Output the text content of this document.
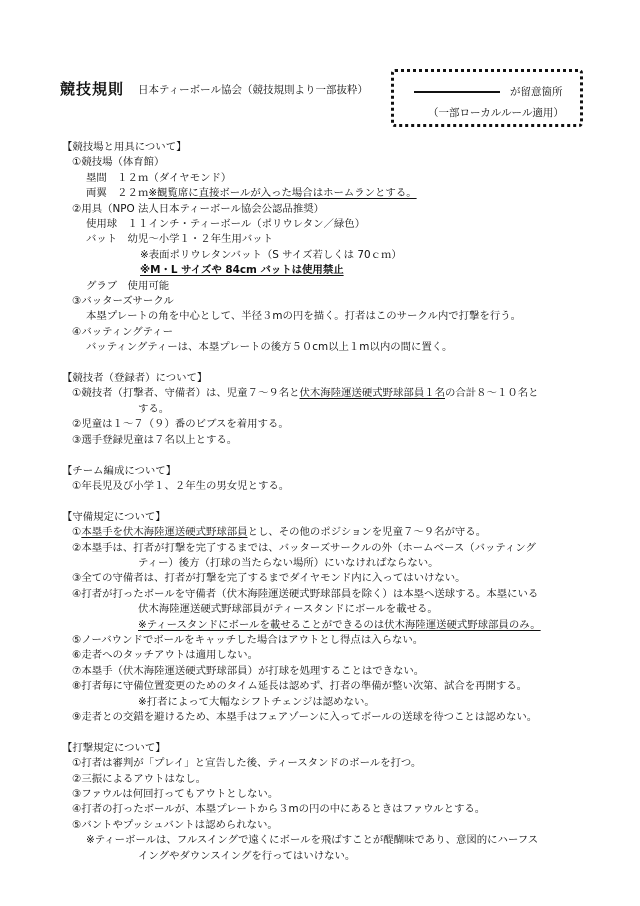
競技規則 日本ティーボール協会（競技規則より一部抜粋）	が留意箇所
（一部ローカルルール適用）
【競技場と用具について】
①競技場（体育館）
塁間　１２ｍ（ダイヤモンド）
両翼　２２ｍ※観覧席に直接ボールが入った場合はホームランとする。
②用具（NPO 法人日本ティーボール協会公認品推奨）
使用球　１１インチ・ティーボール（ポリウレタン／緑色）
バット　幼児～小学１・２年生用バット
※表面ポリウレタンバット（S サイズ若しくは 70ｃｍ）
※M・L サイズや 84cm バットは使用禁止
グラブ　使用可能
③バッターズサークル
本塁プレートの角を中心として、半径３mの円を描く。打者はこのサークル内で打撃を行う。
④バッティングティー
バッティングティーは、本塁プレートの後方５０cm以上１m以内の間に置く。
【競技者（登録者）について】
①競技者（打撃者、守備者）は、児童７～９名と伏木海陸運送硬式野球部員１名の合計８～１０名と
する。
②児童は１～７（９）番のビブスを着用する。
③選手登録児童は７名以上とする。
【チーム編成について】
①年長児及び小学１、２年生の男女児とする。
【守備規定について】
①本塁手を伏木海陸運送硬式野球部員とし、その他のポジションを児童７～９名が守る。
②本塁手は、打者が打撃を完了するまでは、バッターズサークルの外（ホームベース（バッティング
ティー）後方（打球の当たらない場所）にいなければならない。
③全ての守備者は、打者が打撃を完了するまでダイヤモンド内に入ってはいけない。
④打者が打ったボールを守備者（伏木海陸運送硬式野球部員を除く）は本塁へ送球する。本塁にいる
伏木海陸運送硬式野球部員がティースタンドにボールを載せる。
※ティースタンドにボールを載せることができるのは伏木海陸運送硬式野球部員のみ。
⑤ノーバウンドでボールをキャッチした場合はアウトとし得点は入らない。
⑥走者へのタッチアウトは適用しない。
⑦本塁手（伏木海陸運送硬式野球部員）が打球を処理することはできない。
⑧打者毎に守備位置変更のためのタイム延長は認めず、打者の準備が整い次第、試合を再開する。
※打者によって大幅なシフトチェンジは認めない。
⑨走者との交錯を避けるため、本塁手はフェアゾーンに入ってボールの送球を待つことは認めない。
【打撃規定について】
①打者は審判が「プレイ」と宣告した後、ティースタンドのボールを打つ。
②三振によるアウトはなし。
③ファウルは何回打ってもアウトとしない。
④打者の打ったボールが、本塁プレートから３mの円の中にあるときはファウルとする。
⑤バントやプッシュバントは認められない。
※ティーボールは、フルスイングで遠くにボールを飛ばすことが醍醐味であり、意図的にハーフス
イングやダウンスイングを行ってはいけない。
